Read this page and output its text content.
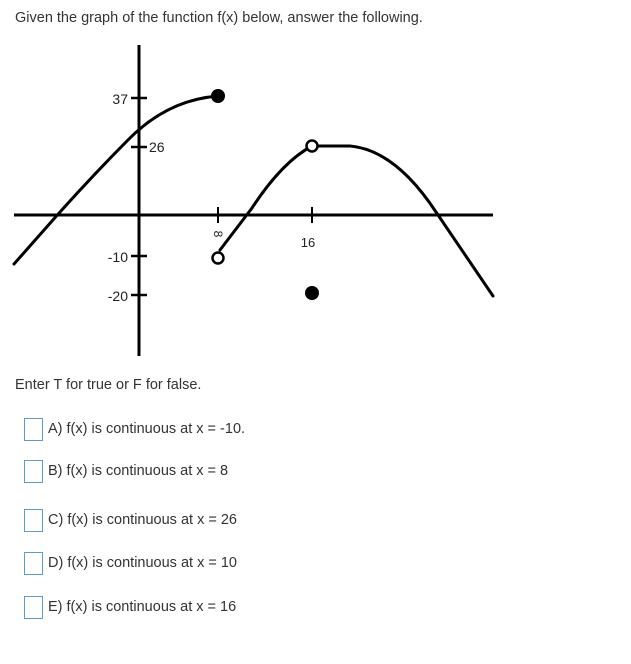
Given the graph of the function f(x) below, answer the following.
37
26
-10
-20
8
16
Enter T for true or F for false.
A) f(x) is continuous at x = -10.
B) f(x) is continuous at x = 8
C) f(x) is continuous at x = 26
D) f(x) is continuous at x = 10
E) f(x) is continuous at x = 16
